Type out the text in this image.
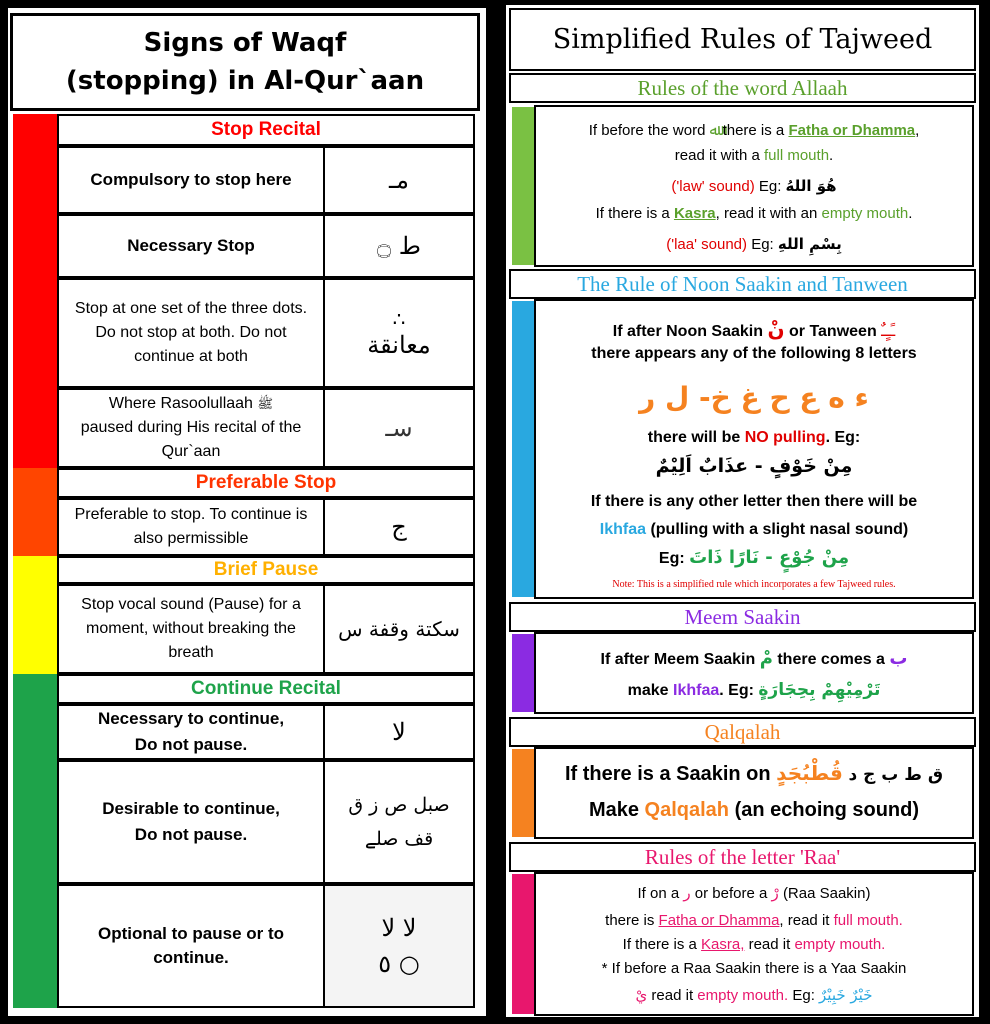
Signs of Waqf
(stopping) in Al-Qur`aan
Stop Recital
Compulsory to stop here	مـ
Necessary Stop	ط ۝
Stop at one set of the three dots. Do not stop at both. Do not continue at both
∴
معانقة
Where Rasoolullaah ﷺ
paused during His recital of the Qur`aan
سـ
Preferable Stop
Preferable to stop. To continue is also permissible	ج
Brief Pause
Stop vocal sound (Pause) for a moment, without breaking the breath
سكتة وقفة س
Continue Recital
Necessary to continue,
Do not pause.	لا
Desirable to continue,
Do not pause.
صبل ص ز ق
قف صلے
Optional to pause or to continue.
لا لا
٥ ○
Simplified Rules of Tajweed
Rules of the word Allaah
If before the word ﷲ there is a Fatha or Dhamma,
read it with a full mouth.
('law' sound) Eg: هُوَ اللهُ
If there is a Kasra, read it with an empty mouth.
('laa' sound) Eg: بِسْمِ اللهِ
The Rule of Noon Saakin and Tanween
If after Noon Saakin نْ or Tanween ـًـٍـٌ
there appears any of the following 8 letters
ء ه ع ح غ خ- ل ر
there will be NO pulling. Eg:
مِنْ خَوْفٍ - عذَابٌ اَلِيْمٌ
If there is any other letter then there will be
Ikhfaa (pulling with a slight nasal sound)
Eg: مِنْ جُوْعٍ - نَارًا ذَاتَ
Note: This is a simplified rule which incorporates a few Tajweed rules.
Meem Saakin
If after Meem Saakin مْ there comes a ب
make Ikhfaa. Eg: تَرْمِيْهِمْ بِحِجَارَةٍ
Qalqalah
If there is a Saakin on	ق ط ب ج د قُطْبُجَدٍ
Make Qalqalah (an echoing sound)
Rules of the letter 'Raa'
If on a ر or before a رْ (Raa Saakin)
there is Fatha or Dhamma, read it full mouth.
If there is a Kasra, read it empty mouth.
* If before a Raa Saakin there is a Yaa Saakin
يْ read it empty mouth. Eg: خَيْرٌ خَبِيْرٌ
